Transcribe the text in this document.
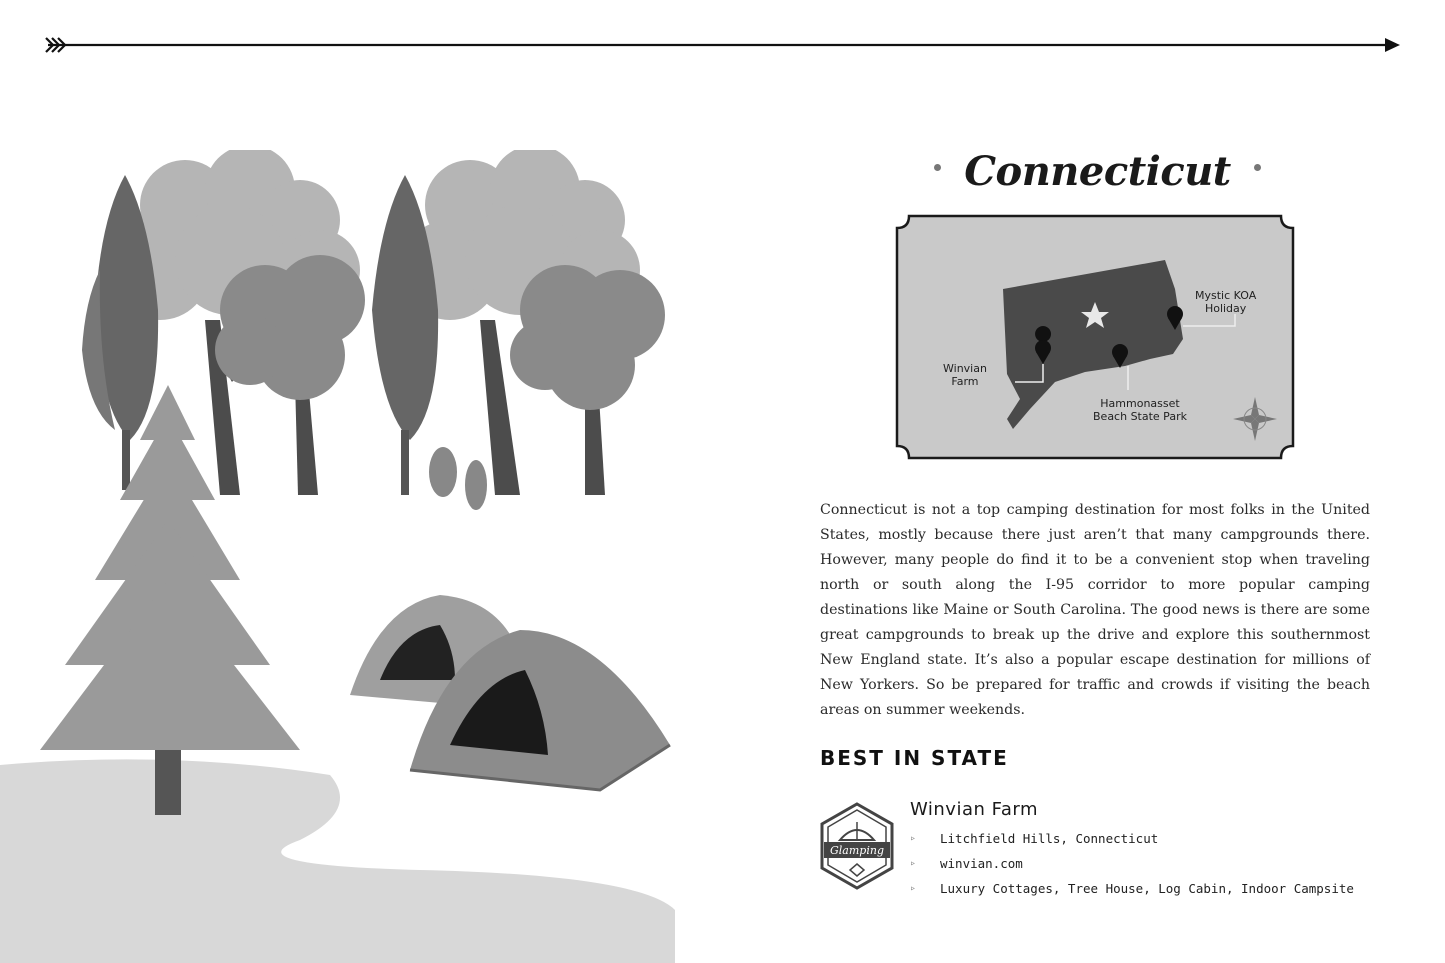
Connecticut
Mystic KOA
Holiday
Winvian
Farm
Hammonasset
Beach State Park

Connecticut is not a top camping destination for most folks in the United States, mostly because there just aren’t that many campgrounds there. However, many people do find it to be a convenient stop when traveling north or south along the I-95 corridor to more popular camping destinations like Maine or South Carolina. The good news is there are some great campgrounds to break up the drive and explore this southernmost New England state. It’s also a popular escape destination for millions of New Yorkers. So be prepared for traffic and crowds if visiting the beach areas on summer weekends.

BEST IN STATE
Glamping
Winvian Farm
▹ Litchfield Hills, Connecticut
▹ winvian.com
▹ Luxury Cottages, Tree House, Log Cabin, Indoor Campsite
